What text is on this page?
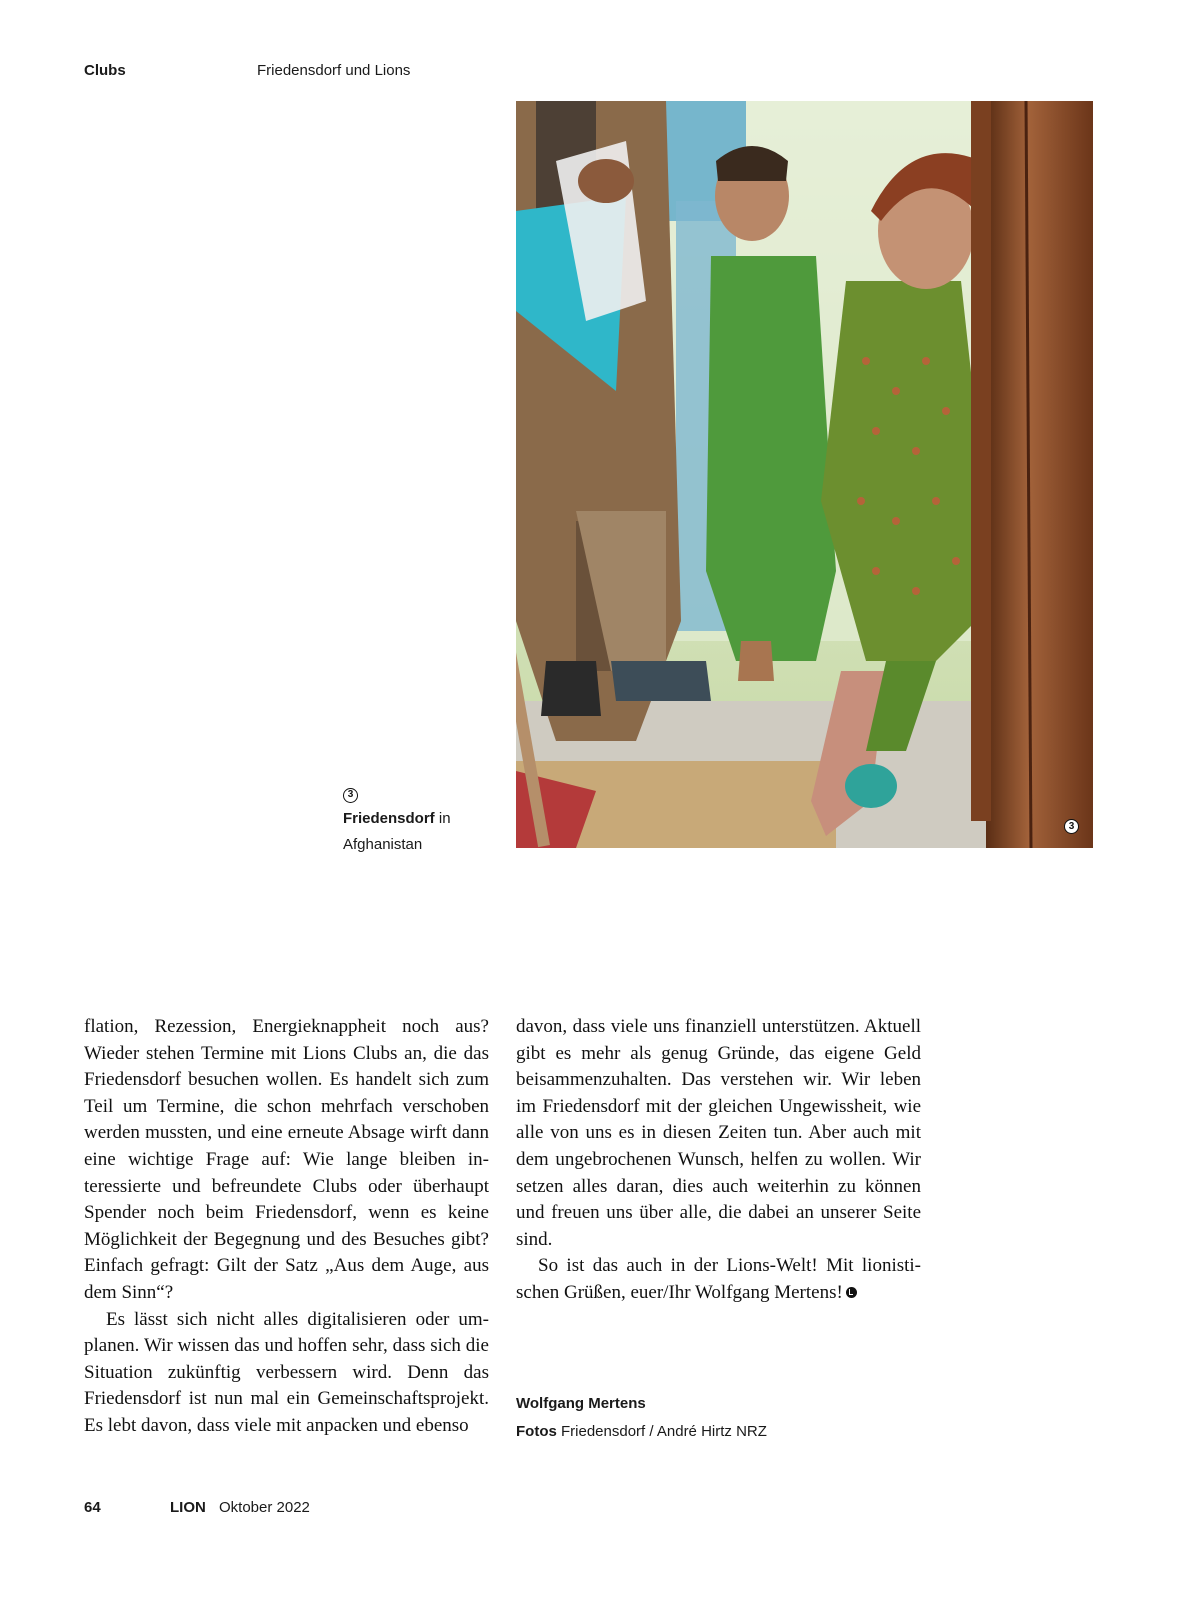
Clubs	Friedensdorf und Lions
3
3
Friedensdorf in Afghanistan

flation, Rezession, Energieknappheit noch aus? Wieder stehen Termine mit Lions Clubs an, die das Friedensdorf besuchen wollen. Es handelt sich zum Teil um Termine, die schon mehrfach verschoben werden mussten, und eine erneute Absage wirft dann eine wichtige Frage auf: Wie lange bleiben interessierte und befreundete Clubs oder überhaupt Spender noch beim Friedensdorf, wenn es keine Möglichkeit der Begegnung und des Besuches gibt? Einfach gefragt: Gilt der Satz „Aus dem Auge, aus dem Sinn“?

Es lässt sich nicht alles digitalisieren oder umplanen. Wir wissen das und hoffen sehr, dass sich die Situation zukünftig verbessern wird. Denn das Friedensdorf ist nun mal ein Gemeinschaftsprojekt. Es lebt davon, dass viele mit anpacken und ebenso

davon, dass viele uns finanziell unterstützen. Aktuell gibt es mehr als genug Gründe, das eigene Geld beisammenzuhalten. Das verstehen wir. Wir leben im Friedensdorf mit der gleichen Ungewissheit, wie alle von uns es in diesen Zeiten tun. Aber auch mit dem ungebrochenen Wunsch, helfen zu wollen. Wir setzen alles daran, dies auch weiterhin zu können und freuen uns über alle, die dabei an unserer Seite sind.

So ist das auch in der Lions-Welt! Mit lionistischen Grüßen, euer/Ihr Wolfgang Mertens!

Wolfgang Mertens
Fotos Friedensdorf / André Hirtz NRZ
64	LION Oktober 2022
